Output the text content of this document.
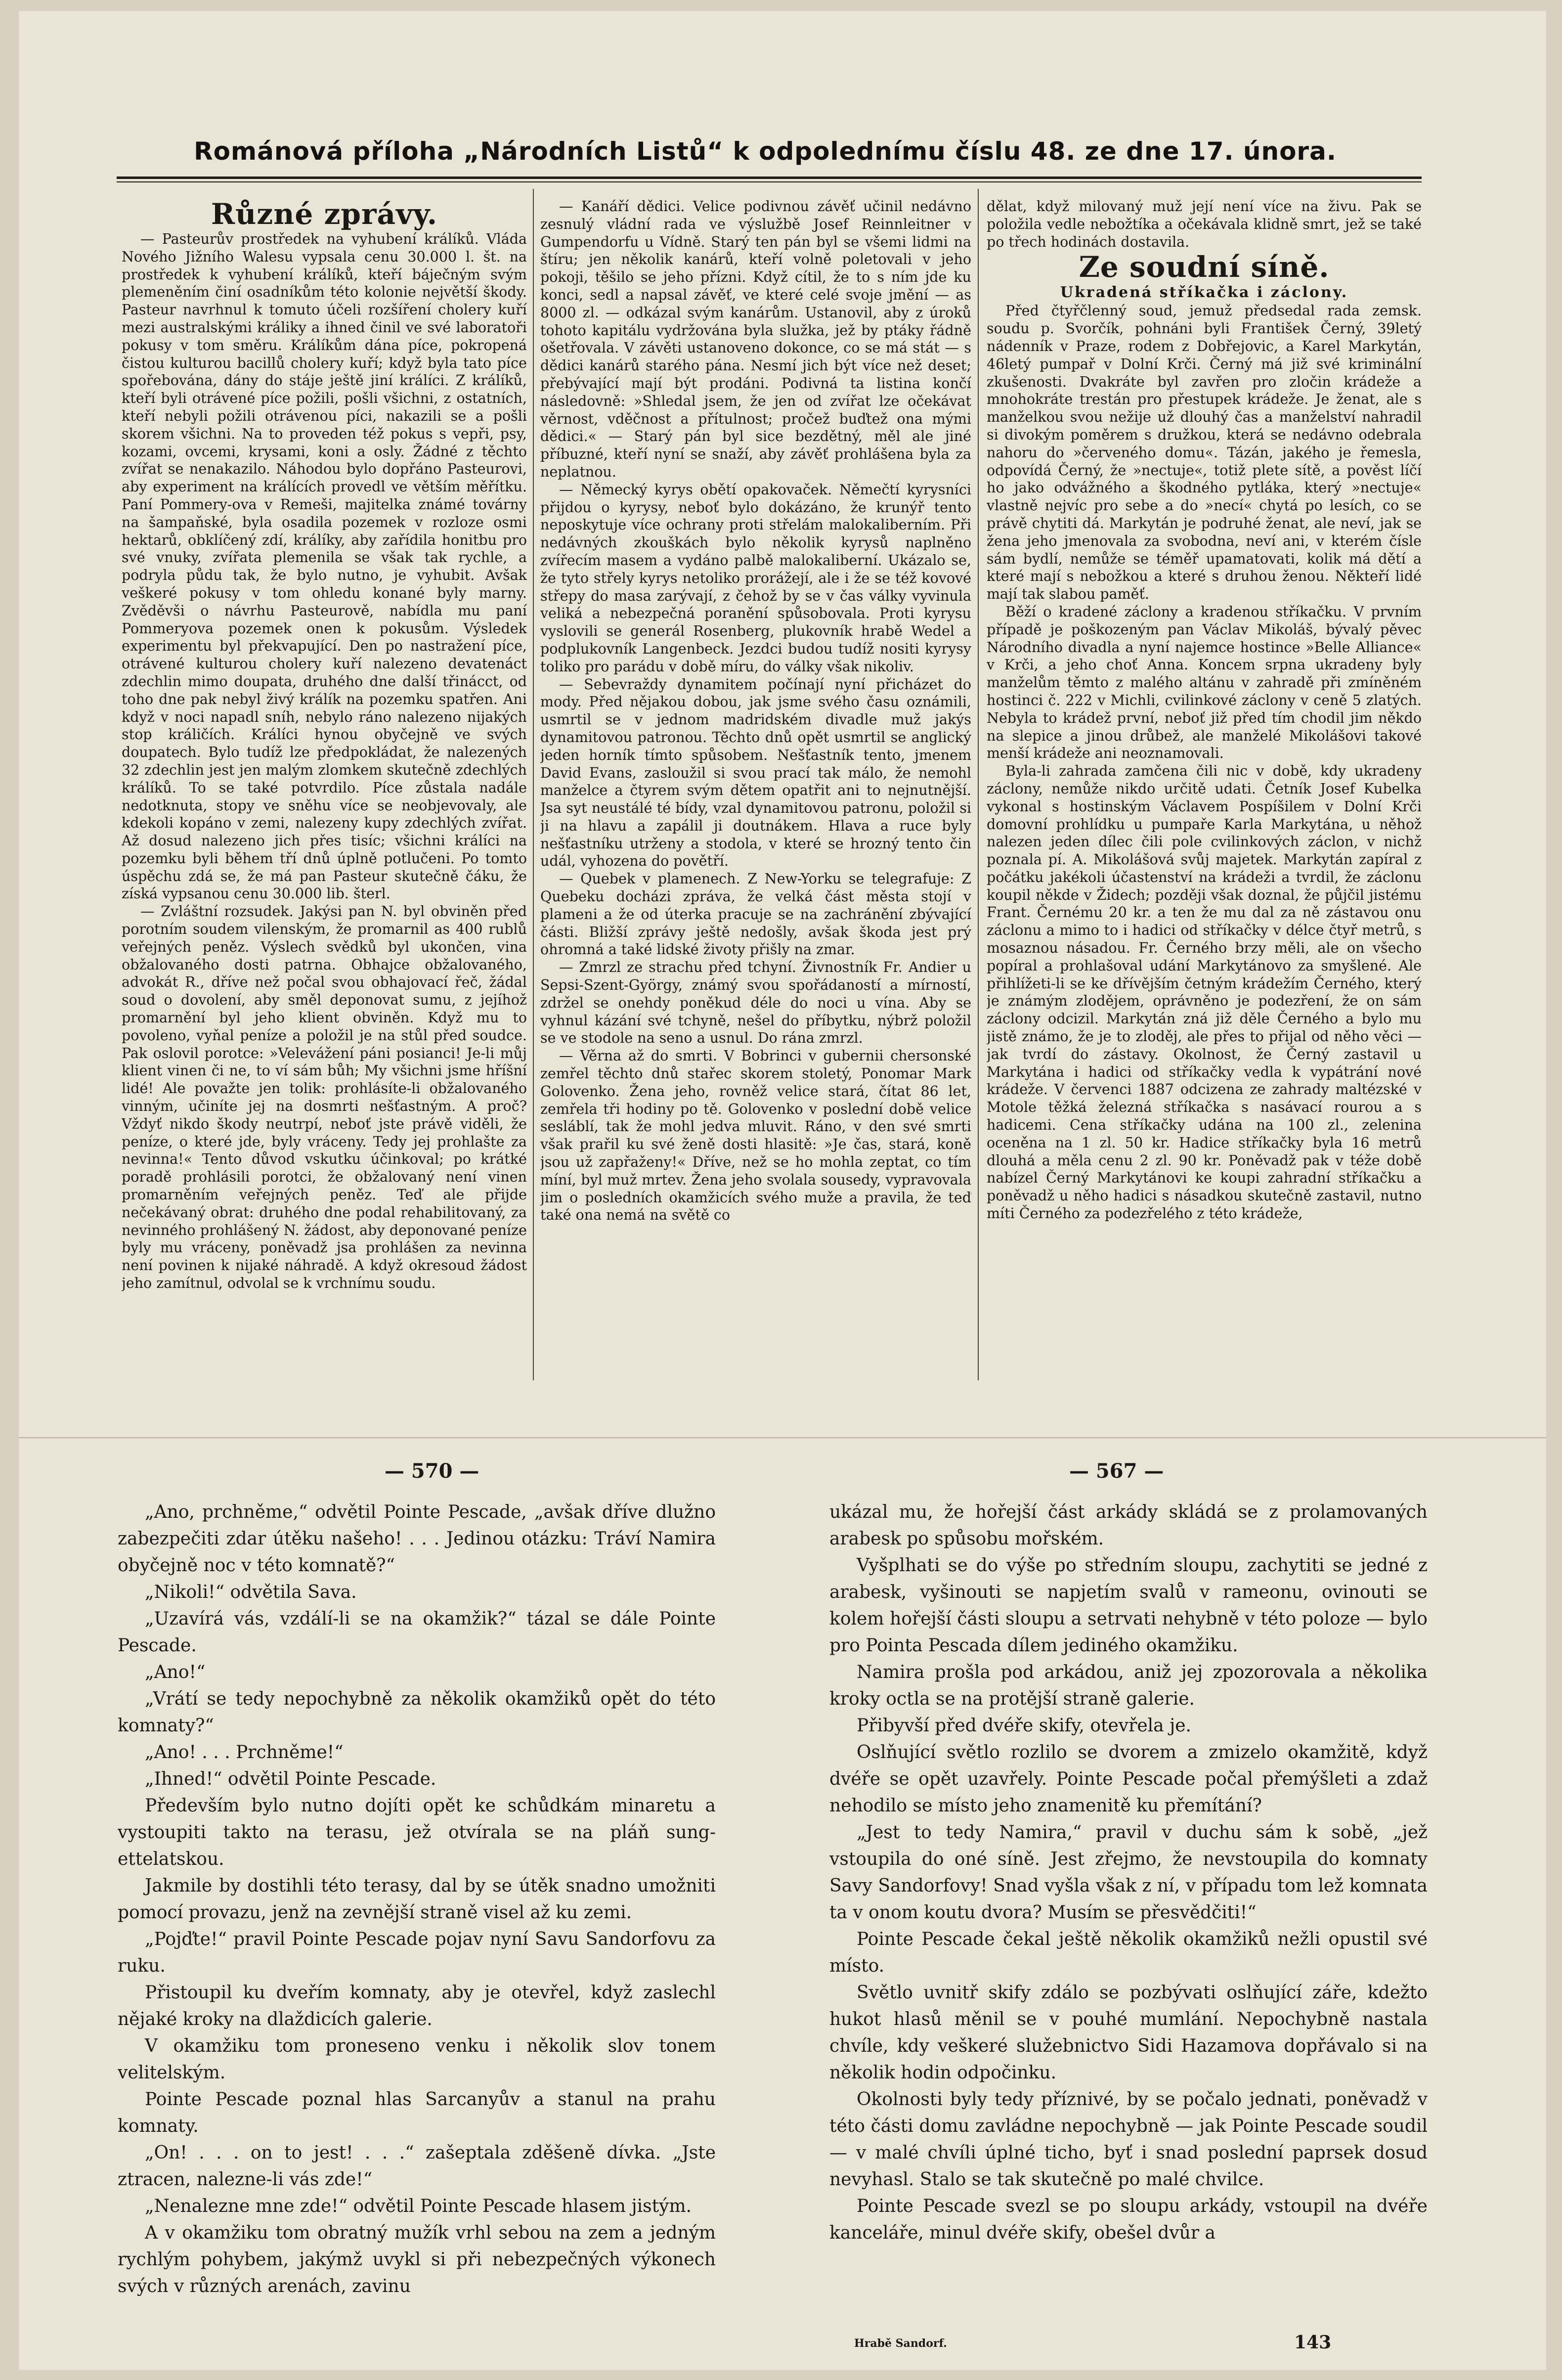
Románová příloha „Národních Listů“ k odpolednímu číslu 48. ze dne 17. února.

Různé zprávy.

— Pasteurův prostředek na vyhubení králíků. Vláda Nového Jižního Walesu vypsala cenu 30.000 l. št. na prostředek k vyhubení králíků, kteří báječným svým plemeněním činí osadníkům této kolonie největší škody. Pasteur navrhnul k tomuto účeli rozšíření cholery kuří mezi australskými králiky a ihned činil ve své laboratoři pokusy v tom směru. Králíkům dána píce, pokropená čistou kulturou bacillů cholery kuří; když byla tato píce spořebována, dány do stáje ještě jiní králíci. Z králíků, kteří byli otrávené píce požili, pošli všichni, z ostatních, kteří nebyli požili otrávenou píci, nakazili se a pošli skorem všichni. Na to proveden též pokus s vepři, psy, kozami, ovcemi, krysami, koni a osly. Žádné z těchto zvířat se nenakazilo. Náhodou bylo dopřáno Pasteurovi, aby experiment na králících provedl ve větším měřítku. Paní Pommery-ova v Remeši, majitelka známé továrny na šampaňské, byla osadila pozemek v rozloze osmi hektarů, obklíčený zdí, králíky, aby zařídila honitbu pro své vnuky, zvířata plemenila se však tak rychle, a podryla půdu tak, že bylo nutno, je vyhubit. Avšak veškeré pokusy v tom ohledu konané byly marny. Zvěděvši o návrhu Pasteurově, nabídla mu paní Pommeryova pozemek onen k pokusům. Výsledek experimentu byl překvapující. Den po nastražení píce, otrávené kulturou cholery kuří nalezeno devatenáct zdechlin mimo doupata, druhého dne další třinácct, od toho dne pak nebyl živý králík na pozemku spatřen. Ani když v noci napadl sníh, nebylo ráno nalezeno nijakých stop králičích. Králíci hynou obyčejně ve svých doupatech. Bylo tudíž lze předpokládat, že nalezených 32 zdechlin jest jen malým zlomkem skutečně zdechlých králíků. To se také potvrdilo. Píce zůstala nadále nedotknuta, stopy ve sněhu více se neobjevovaly, ale kdekoli kopáno v zemi, nalezeny kupy zdechlých zvířat. Až dosud nalezeno jich přes tisíc; všichni králíci na pozemku byli během tří dnů úplně potlučeni. Po tomto úspěchu zdá se, že má pan Pasteur skutečně čáku, že získá vypsanou cenu 30.000 lib. šterl.

— Zvláštní rozsudek. Jakýsi pan N. byl obviněn před porotním soudem vilenským, že promarnil as 400 rublů veřejných peněz. Výslech svědků byl ukončen, vina obžalovaného dosti patrna. Obhajce obžalovaného, advokát R., dříve než počal svou obhajovací řeč, žádal soud o dovolení, aby směl deponovat sumu, z jejíhož promarnění byl jeho klient obviněn. Když mu to povoleno, vyňal peníze a položil je na stůl před soudce. Pak oslovil porotce: »Velevážení páni posianci! Je-li můj klient vinen či ne, to ví sám bůh; My všichni jsme hříšní lidé! Ale považte jen tolik: prohlásíte-li obžalovaného vinným, učiníte jej na dosmrti nešťastným. A proč? Vždyť nikdo škody neutrpí, neboť jste právě viděli, že peníze, o které jde, byly vráceny. Tedy jej prohlašte za nevinna!« Tento důvod vskutku účinkoval; po krátké poradě prohlásili porotci, že obžalovaný není vinen promarněním veřejných peněz. Teď ale přijde nečekávaný obrat: druhého dne podal rehabilitovaný, za nevinného prohlášený N. žádost, aby deponované peníze byly mu vráceny, poněvadž jsa prohlášen za nevinna není povinen k nijaké náhradě. A když okresoud žádost jeho zamítnul, odvolal se k vrchnímu soudu.

— Kanáří dědici. Velice podivnou závěť učinil nedávno zesnulý vládní rada ve výslužbě Josef Reinnleitner v Gumpendorfu u Vídně. Starý ten pán byl se všemi lidmi na štíru; jen několik kanárů, kteří volně poletovali v jeho pokoji, těšilo se jeho přízni. Když cítil, že to s ním jde ku konci, sedl a napsal závěť, ve které celé svoje jmění — as 8000 zl. — odkázal svým kanárům. Ustanovil, aby z úroků tohoto kapitálu vydržována byla služka, jež by ptáky řádně ošetřovala. V závěti ustanoveno dokonce, co se má stát — s dědici kanárů starého pána. Nesmí jich být více než deset; přebývající mají být prodáni. Podivná ta listina končí následovně: »Shledal jsem, že jen od zvířat lze očekávat věrnost, vděčnost a přítulnost; pročež buďtež ona mými dědici.« — Starý pán byl sice bezdětný, měl ale jiné příbuzné, kteří nyní se snaží, aby závěť prohlášena byla za neplatnou.

— Německý kyrys obětí opakovaček. Němečtí kyrysníci přijdou o kyrysy, neboť bylo dokázáno, že krunýř tento neposkytuje více ochrany proti střelám malokaliberním. Při nedávných zkouškách bylo několik kyrysů naplněno zvířecím masem a vydáno palbě malokaliberní. Ukázalo se, že tyto střely kyrys netoliko prorážejí, ale i že se též kovové střepy do masa zarývají, z čehož by se v čas války vyvinula veliká a nebezpečná poranění spůsobovala. Proti kyrysu vyslovili se generál Rosenberg, plukovník hrabě Wedel a podplukovník Langenbeck. Jezdci budou tudíž nositi kyrysy toliko pro parádu v době míru, do války však nikoliv.

— Sebevraždy dynamitem počínají nyní přicházet do mody. Před nějakou dobou, jak jsme svého času oznámili, usmrtil se v jednom madridském divadle muž jakýs dynamitovou patronou. Těchto dnů opět usmrtil se anglický jeden horník tímto spůsobem. Nešťastník tento, jmenem David Evans, zasloužil si svou prací tak málo, že nemohl manželce a čtyrem svým dětem opatřit ani to nejnutnější. Jsa syt neustálé té bídy, vzal dynamitovou patronu, položil si ji na hlavu a zapálil ji doutnákem. Hlava a ruce byly nešťastníku utrženy a stodola, v které se hrozný tento čin udál, vyhozena do povětří.

— Quebek v plamenech. Z New-Yorku se telegrafuje: Z Quebeku docházi zpráva, že velká část města stojí v plameni a že od úterka pracuje se na zachránění zbývající části. Bližší zprávy ještě nedošly, avšak škoda jest prý ohromná a také lidské životy přišly na zmar.

— Zmrzl ze strachu před tchyní. Živnostník Fr. Andier u Sepsi-Szent-György, známý svou spořádaností a mírností, zdržel se onehdy poněkud déle do noci u vína. Aby se vyhnul kázání své tchyně, nešel do příbytku, nýbrž položil se ve stodole na seno a usnul. Do rána zmrzl.

— Věrna až do smrti. V Bobrinci v gubernii chersonské zemřel těchto dnů stařec skorem stoletý, Ponomar Mark Golovenko. Žena jeho, rovněž velice stará, čítat 86 let, zemřela tři hodiny po tě. Golovenko v poslední době velice sesláblí, tak že mohl jedva mluvit. Ráno, v den své smrti však prařil ku své ženě dosti hlasitě: »Je čas, stará, koně jsou už zapřaženy!« Dříve, než se ho mohla zeptat, co tím míní, byl muž mrtev. Žena jeho svolala sousedy, vypravovala jim o posledních okamžicích svého muže a pravila, že teď také ona nemá na světě co

dělat, když milovaný muž její není více na živu. Pak se položila vedle nebožtíka a očekávala klidně smrt, jež se také po třech hodinách dostavila.

Ze soudní síně.

Ukradená stříkačka i záclony.

Před čtyřčlenný soud, jemuž předsedal rada zemsk. soudu p. Svorčík, pohnáni byli František Černý, 39letý nádenník v Praze, rodem z Dobřejovic, a Karel Markytán, 46letý pumpař v Dolní Krči. Černý má již své kriminální zkušenosti. Dvakráte byl zavřen pro zločin krádeže a mnohokráte trestán pro přestupek krádeže. Je ženat, ale s manželkou svou nežije už dlouhý čas a manželství nahradil si divokým poměrem s družkou, která se nedávno odebrala nahoru do »červeného domu«. Tázán, jakého je řemesla, odpovídá Černý, že »nectuje«, totiž plete sítě, a pověst líčí ho jako odvážného a škodného pytláka, který »nectuje« vlastně nejvíc pro sebe a do »necí« chytá po lesích, co se právě chytiti dá. Markytán je podruhé ženat, ale neví, jak se žena jeho jmenovala za svobodna, neví ani, v kterém čísle sám bydlí, nemůže se téměř upamatovati, kolik má dětí a které mají s nebožkou a které s druhou ženou. Někteří lidé mají tak slabou paměť.

Běží o kradené záclony a kradenou stříkačku. V prvním případě je poškozeným pan Václav Mikoláš, bývalý pěvec Národního divadla a nyní najemce hostince »Belle Alliance« v Krči, a jeho choť Anna. Koncem srpna ukradeny byly manželům těmto z malého altánu v zahradě při zmíněném hostinci č. 222 v Michli, cvilinkové záclony v ceně 5 zlatých. Nebyla to krádež první, neboť již před tím chodil jim někdo na slepice a jinou drůbež, ale manželé Mikolášovi takové menší krádeže ani neoznamovali.

Byla-li zahrada zamčena čili nic v době, kdy ukradeny záclony, nemůže nikdo určitě udati. Četník Josef Kubelka vykonal s hostinským Václavem Pospíšilem v Dolní Krči domovní prohlídku u pumpaře Karla Markytána, u něhož nalezen jeden díleс čili pole cvilinkových záclon, v nichž poznala pí. A. Mikolášová svůj majetek. Markytán zapíral z počátku jakékoli účastenství na krádeži a tvrdil, že záclonu koupil někde v Židech; později však doznal, že půjčil jistému Frant. Černému 20 kr. a ten že mu dal za ně zástavou onu záclonu a mimo to i hadici od stříkačky v délce čtyř metrů, s mosaznou násadou. Fr. Černého brzy měli, ale on všecho popíral a prohlašoval udání Markytánovo za smyšlené. Ale přihlížeti-li se ke dřívějším četným krádežím Černého, který je známým zlodějem, oprávněno je podezření, že on sám záclony odcizil. Markytán zná již děle Černého a bylo mu jistě známo, že je to zloděj, ale přes to přijal od něho věci — jak tvrdí do zástavy. Okolnost, že Černý zastavil u Markytána i hadici od stříkačky vedla k vypátrání nové krádeže. V červenci 1887 odcizena ze zahrady maltézské v Motole těžká železná stříkačka s nasávací rourou a s hadicemi. Cena stříkačky udána na 100 zl., zelenina oceněna na 1 zl. 50 kr. Hadice stříkačky byla 16 metrů dlouhá a měla cenu 2 zl. 90 kr. Poněvadž pak v téže době nabízel Černý Markytánovi ke koupi zahradní stříkačku a poněvadž u něho hadici s násadkou skutečně zastavil, nutno míti Černého za podezřelého z této krádeže,

— 570 —	— 567 —

„Ano, prchněme,“ odvětil Pointe Pescade, „avšak dříve dlužno zabezpečiti zdar útěku našeho! . . . Jedinou otázku: Tráví Namira obyčejně noc v této komnatě?“

„Nikoli!“ odvětila Sava.

„Uzavírá vás, vzdálí-li se na okamžik?“ tázal se dále Pointe Pescade.

„Ano!“

„Vrátí se tedy nepochybně za několik okamžiků opět do této komnaty?“

„Ano! . . . Prchněme!“

„Ihned!“ odvětil Pointe Pescade.

Především bylo nutno dojíti opět ke schůdkám minaretu a vystoupiti takto na terasu, jež otvírala se na pláň sung-ettelatskou.

Jakmile by dostihli této terasy, dal by se útěk snadno umožniti pomocí provazu, jenž na zevnější straně visel až ku zemi.

„Pojďte!“ pravil Pointe Pescade pojav nyní Savu Sandorfovu za ruku.

Přistoupil ku dveřím komnaty, aby je otevřel, když zaslechl nějaké kroky na dlaždicích galerie.

V okamžiku tom proneseno venku i několik slov tonem velitelským.

Pointe Pescade poznal hlas Sarcanyův a stanul na prahu komnaty.

„On! . . . on to jest! . . .“ zašeptala zděšeně dívka. „Jste ztracen, nalezne-li vás zde!“

„Nenalezne mne zde!“ odvětil Pointe Pescade hlasem jistým.

A v okamžiku tom obratný mužík vrhl sebou na zem a jedným rychlým pohybem, jakýmž uvykl si při nebezpečných výkonech svých v různých arenách, zavinu

ukázal mu, že hořejší část arkády skládá se z prolamovaných arabesk po spůsobu mořském.

Vyšplhati se do výše po středním sloupu, zachytiti se jedné z arabesk, vyšinouti se napjetím svalů v rameonu, ovinouti se kolem hořejší části sloupu a setrvati nehybně v této poloze — bylo pro Pointa Pescada dílem jediného okamžiku.

Namira prošla pod arkádou, aniž jej zpozorovala a několika kroky octla se na protější straně galerie.

Přibyvší před dvéře skify, otevřela je.

Oslňující světlo rozlilo se dvorem a zmizelo okamžitě, když dvéře se opět uzavřely. Pointe Pescade počal přemýšleti a zdaž nehodilo se místo jeho znamenitě ku přemítání?

„Jest to tedy Namira,“ pravil v duchu sám k sobě, „jež vstoupila do oné síně. Jest zřejmo, že nevstoupila do komnaty Savy Sandorfovy! Snad vyšla však z ní, v případu tom lež komnata ta v onom koutu dvora? Musím se přesvědčiti!“

Pointe Pescade čekal ještě několik okamžiků nežli opustil své místo.

Světlo uvnitř skify zdálo se pozbývati oslňující záře, kdežto hukot hlasů měnil se v pouhé mumlání. Nepochybně nastala chvíle, kdy veškeré služebnictvo Sidi Hazamova dopřávalo si na několik hodin odpočinku.

Okolnosti byly tedy příznivé, by se počalo jednati, poněvadž v této části domu zavládne nepochybně — jak Pointe Pescade soudil — v malé chvíli úplné ticho, byť i snad poslední paprsek dosud nevyhasl. Stalo se tak skutečně po malé chvilce.

Pointe Pescade svezl se po sloupu arkády, vstoupil na dvéře kanceláře, minul dvéře skify, obešel dvůr a

Hrabě Sandorf.	143
